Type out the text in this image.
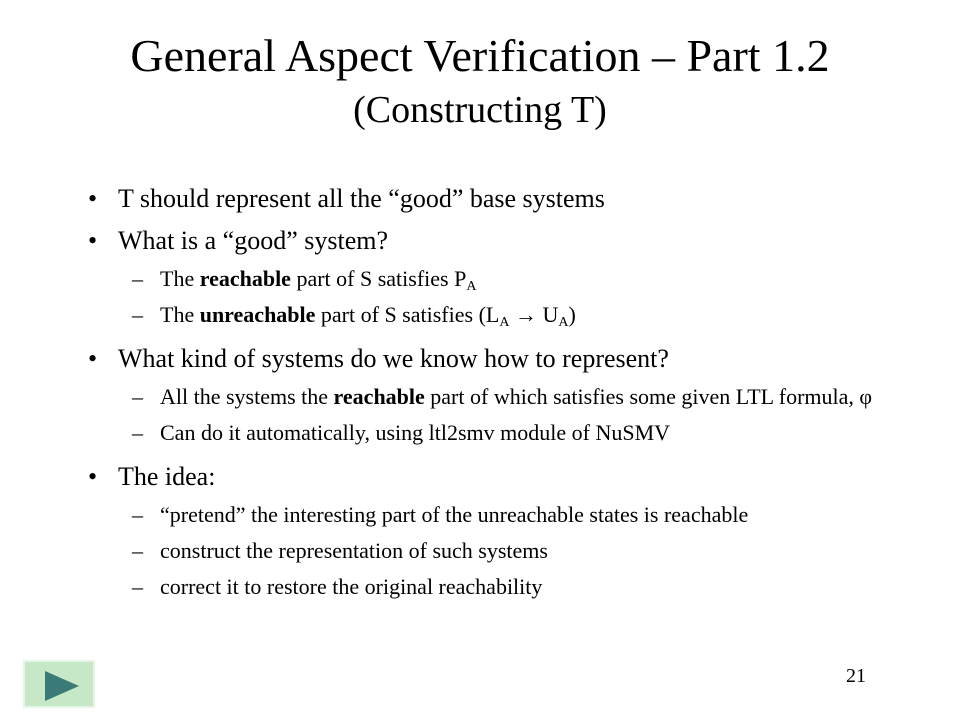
General Aspect Verification – Part 1.2
(Constructing T)
• T should represent all the “good” base systems
• What is a “good” system?
– The reachable part of S satisfies $P_A$
– The unreachable part of S satisfies $(L_A \to U_A)$
• What kind of systems do we know how to represent?
– All the systems the reachable part of which satisfies some given LTL formula, φ
– Can do it automatically, using ltl2smv module of NuSMV
• The idea:
– “pretend” the interesting part of the unreachable states is reachable
– construct the representation of such systems
– correct it to restore the original reachability
21
